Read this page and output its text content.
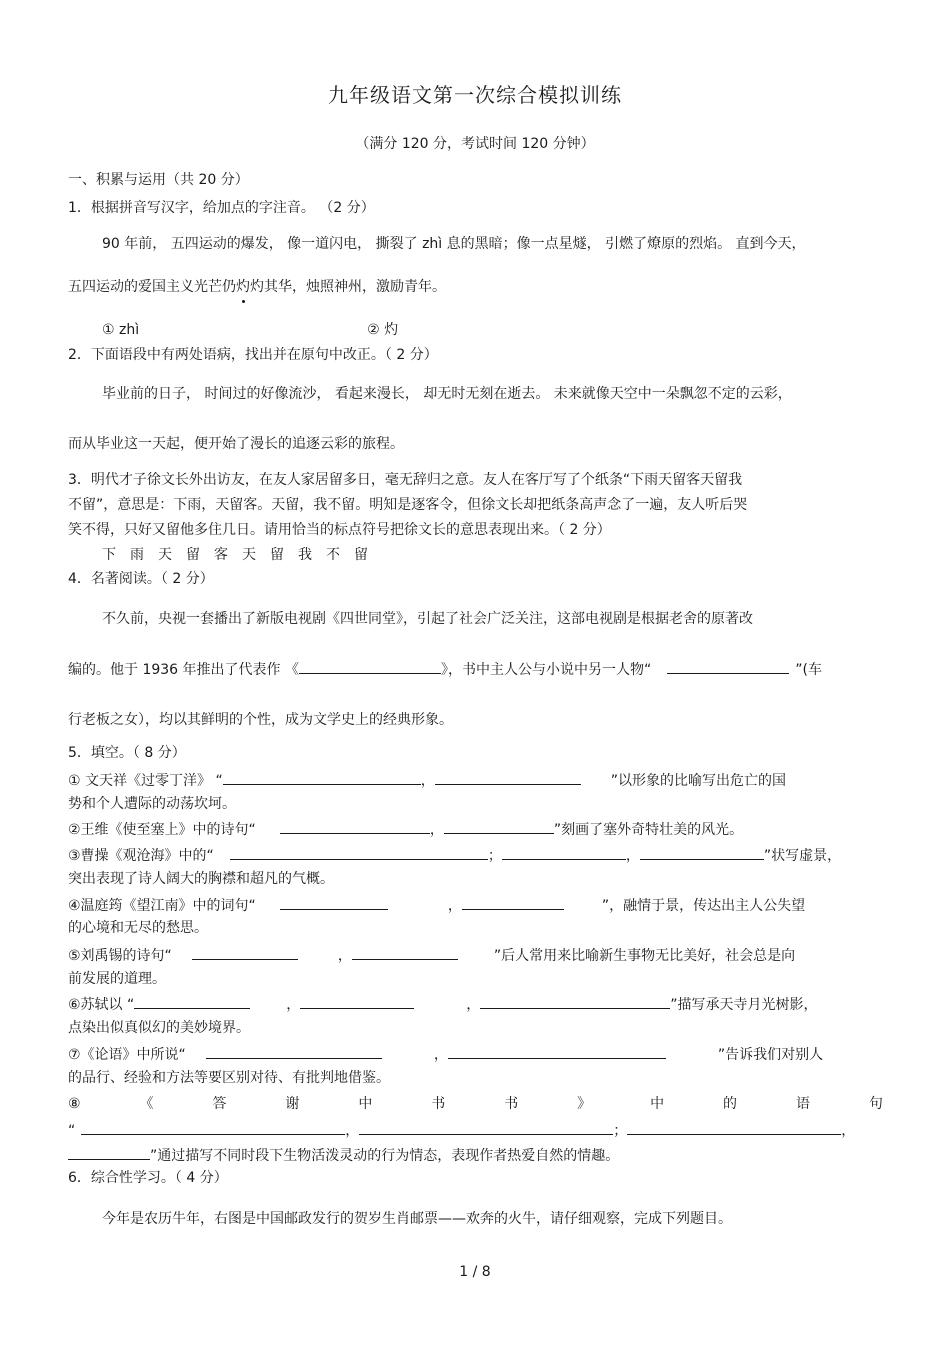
九年级语文第一次综合模拟训练
（满分 120 分，考试时间 120 分钟）
一、积累与运用（共 20 分）
1．根据拼音写汉字，给加点的字注音。 （2 分）
90 年前， 五四运动的爆发， 像一道闪电， 撕裂了 zhì 息的黑暗；像一点星燧， 引燃了燎原的烈焰。 直到今天，
五四运动的爱国主义光芒仍灼灼其华，烛照神州，激励青年。
① zhì	② 灼
2．下面语段中有两处语病，找出并在原句中改正。（ 2 分）
毕业前的日子， 时间过的好像流沙， 看起来漫长， 却无时无刻在逝去。 未来就像天空中一朵飘忽不定的云彩，
而从毕业这一天起，便开始了漫长的追逐云彩的旅程。
3．明代才子徐文长外出访友，在友人家居留多日，毫无辞归之意。友人在客厅写了个纸条“下雨天留客天留我
不留”，意思是：下雨，天留客。天留，我不留。明知是逐客令，但徐文长却把纸条高声念了一遍，友人听后哭
笑不得，只好又留他多住几日。请用恰当的标点符号把徐文长的意思表现出来。（ 2 分）
下 雨 天 留 客 天 留 我 不 留
4．名著阅读。（ 2 分）
不久前，央视一套播出了新版电视剧《四世同堂》，引起了社会广泛关注，这部电视剧是根据老舍的原著改
编的。他于 1936 年推出了代表作 《	》，书中主人公与小说中另一人物“	”(车
行老板之女），均以其鲜明的个性，成为文学史上的经典形象。
5．填空。（ 8 分）
① 文天祥《过零丁洋》 “	，	”以形象的比喻写出危亡的国
势和个人遭际的动荡坎坷。
②王维《使至塞上》中的诗句“	，	”刻画了塞外奇特壮美的风光。
③曹操《观沧海》中的“	；	，	”状写虚景，
突出表现了诗人阔大的胸襟和超凡的气概。
④温庭筠《望江南》中的词句“	，	”，融情于景，传达出主人公失望
的心境和无尽的愁思。
⑤刘禹锡的诗句“	，	”后人常用来比喻新生事物无比美好，社会总是向
前发展的道理。
⑥苏轼以 “	，	，	”描写承天寺月光树影，
点染出似真似幻的美妙境界。
⑦《论语》中所说“	，	”告诉我们对别人
的品行、经验和方法等要区别对待、有批判地借鉴。
⑧	《	答	谢	中	书	书	》	中	的	语	句
“	，	；	，
”通过描写不同时段下生物活泼灵动的行为情态，表现作者热爱自然的情趣。
6．综合性学习。（ 4 分）
今年是农历牛年，右图是中国邮政发行的贺岁生肖邮票——欢奔的火牛，请仔细观察，完成下列题目。
1 / 8
